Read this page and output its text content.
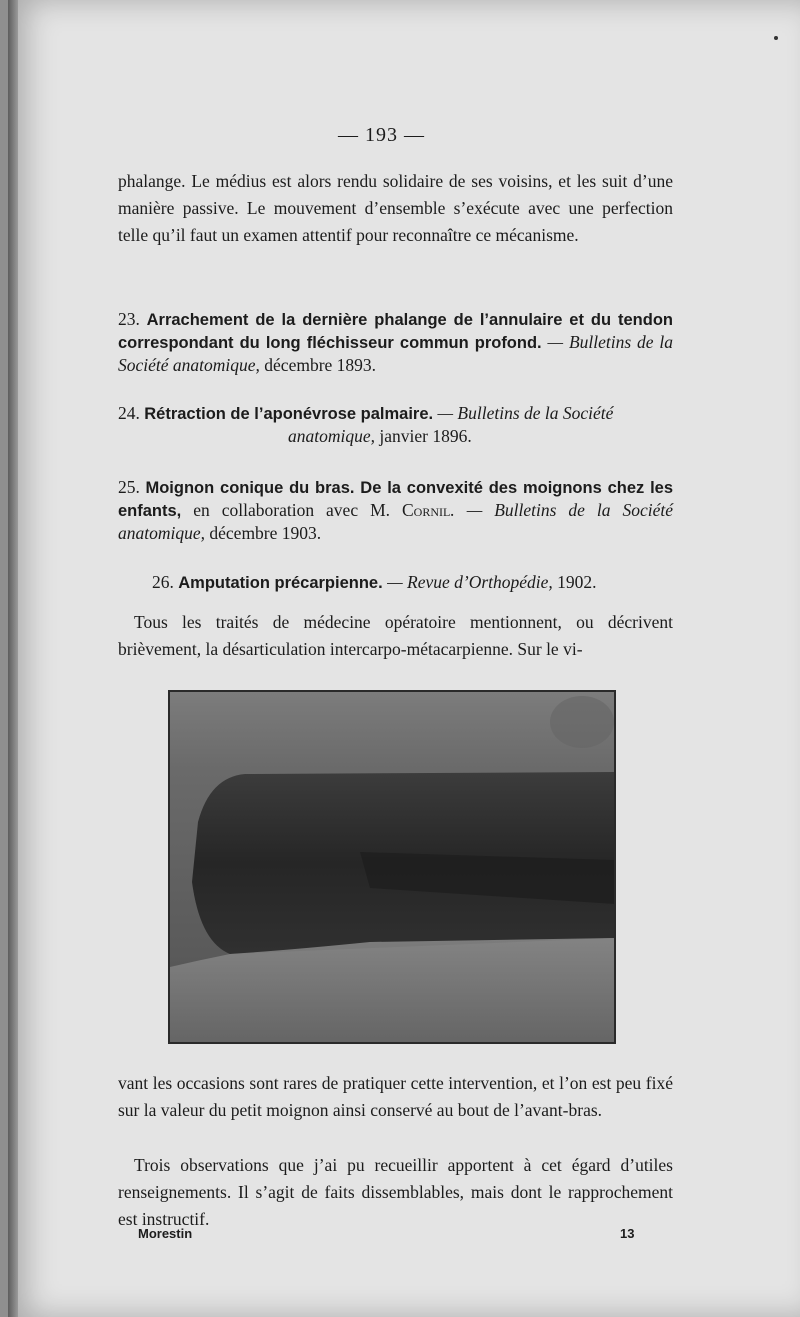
— 193 —
phalange. Le médius est alors rendu solidaire de ses voisins, et les suit d’une manière passive. Le mouvement d’ensemble s’exécute avec une perfection telle qu’il faut un examen attentif pour reconnaître ce mécanisme.
23. Arrachement de la dernière phalange de l’annulaire et du tendon correspondant du long fléchisseur commun profond. — Bulletins de la Société anatomique, décembre 1893.
24. Rétraction de l’aponévrose palmaire. — Bulletins de la Société
anatomique, janvier 1896.
25. Moignon conique du bras. De la convexité des moignons chez les enfants, en collaboration avec M. Cornil. — Bulletins de la Société anatomique, décembre 1903.
26. Amputation précarpienne. — Revue d’Orthopédie, 1902.
Tous les traités de médecine opératoire mentionnent, ou décrivent brièvement, la désarticulation intercarpo-métacarpienne. Sur le vi-
vant les occasions sont rares de pratiquer cette intervention, et l’on est peu fixé sur la valeur du petit moignon ainsi conservé au bout de l’avant-bras.
Trois observations que j’ai pu recueillir apportent à cet égard d’utiles renseignements. Il s’agit de faits dissemblables, mais dont le rapprochement est instructif.
Morestin	13
